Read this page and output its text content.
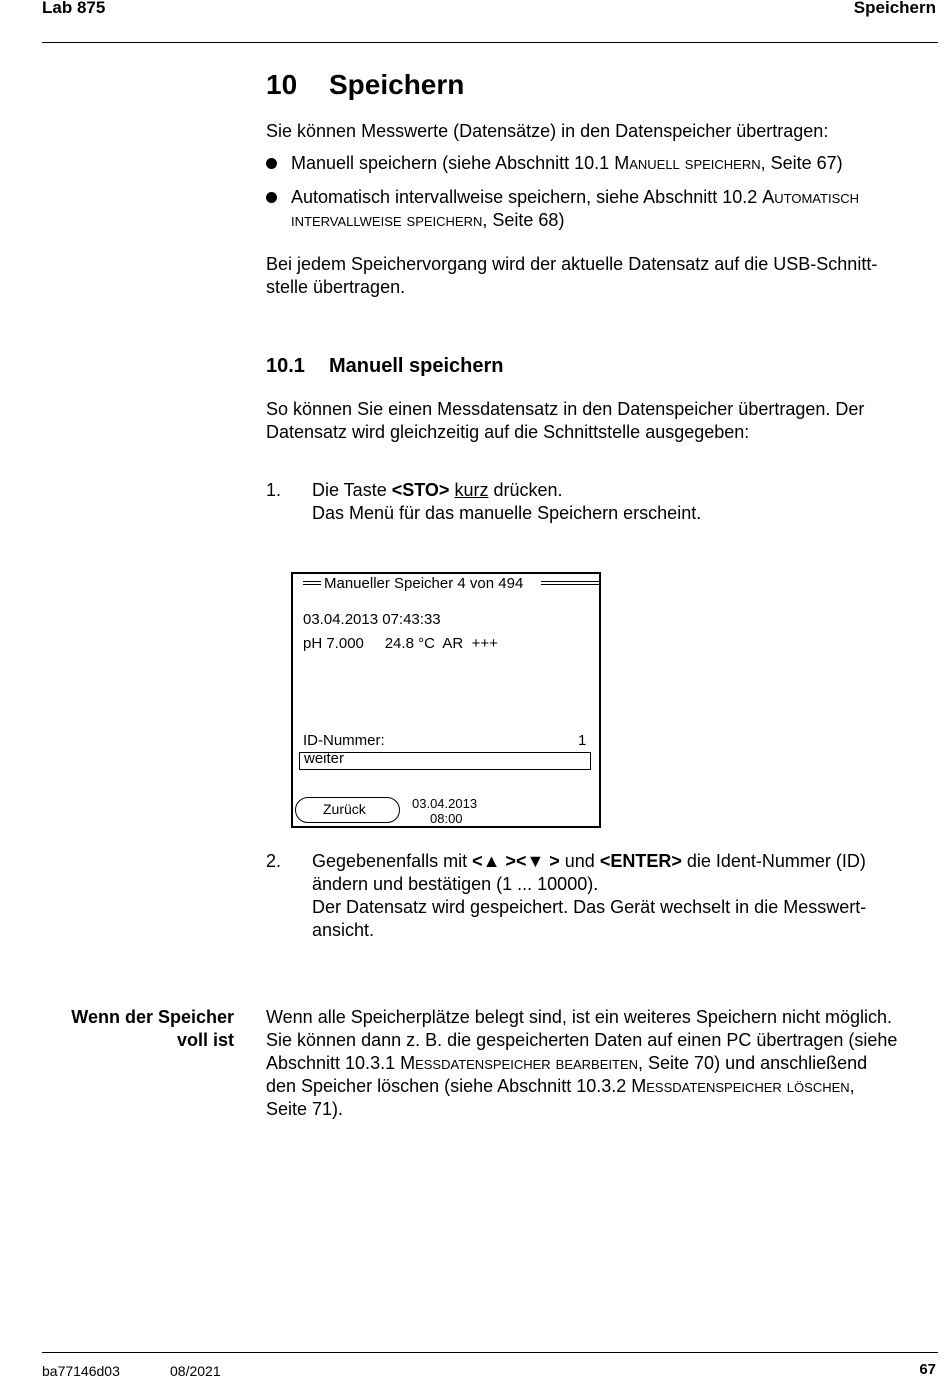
Lab 875	Speichern
10 Speichern
Sie können Messwerte (Datensätze) in den Datenspeicher übertragen:
Manuell speichern (siehe Abschnitt 10.1 Manuell speichern, Seite 67)
Automatisch intervallweise speichern, siehe Abschnitt 10.2 Automatisch
intervallweise speichern, Seite 68)
Bei jedem Speichervorgang wird der aktuelle Datensatz auf die USB-Schnitt-
stelle übertragen.
10.1 Manuell speichern
So können Sie einen Messdatensatz in den Datenspeicher übertragen. Der
Datensatz wird gleichzeitig auf die Schnittstelle ausgegeben:
1. Die Taste <STO> kurz drücken.
Das Menü für das manuelle Speichern erscheint.
Manueller Speicher 4 von 494
03.04.2013 07:43:33
pH 7.000     24.8 °C  AR  +++
ID-Nummer:	1
weiter
Zurück	03.04.2013
08:00
2. Gegebenenfalls mit <▲ ><▼ > und <ENTER> die Ident-Nummer (ID)
ändern und bestätigen (1 ... 10000).
Der Datensatz wird gespeichert. Das Gerät wechselt in die Messwert-
ansicht.
Wenn der Speicher
voll ist
Wenn alle Speicherplätze belegt sind, ist ein weiteres Speichern nicht möglich.
Sie können dann z. B. die gespeicherten Daten auf einen PC übertragen (siehe
Abschnitt 10.3.1 Messdatenspeicher bearbeiten, Seite 70) und anschließend
den Speicher löschen (siehe Abschnitt 10.3.2 Messdatenspeicher löschen,
Seite 71).
ba77146d03	08/2021	67
